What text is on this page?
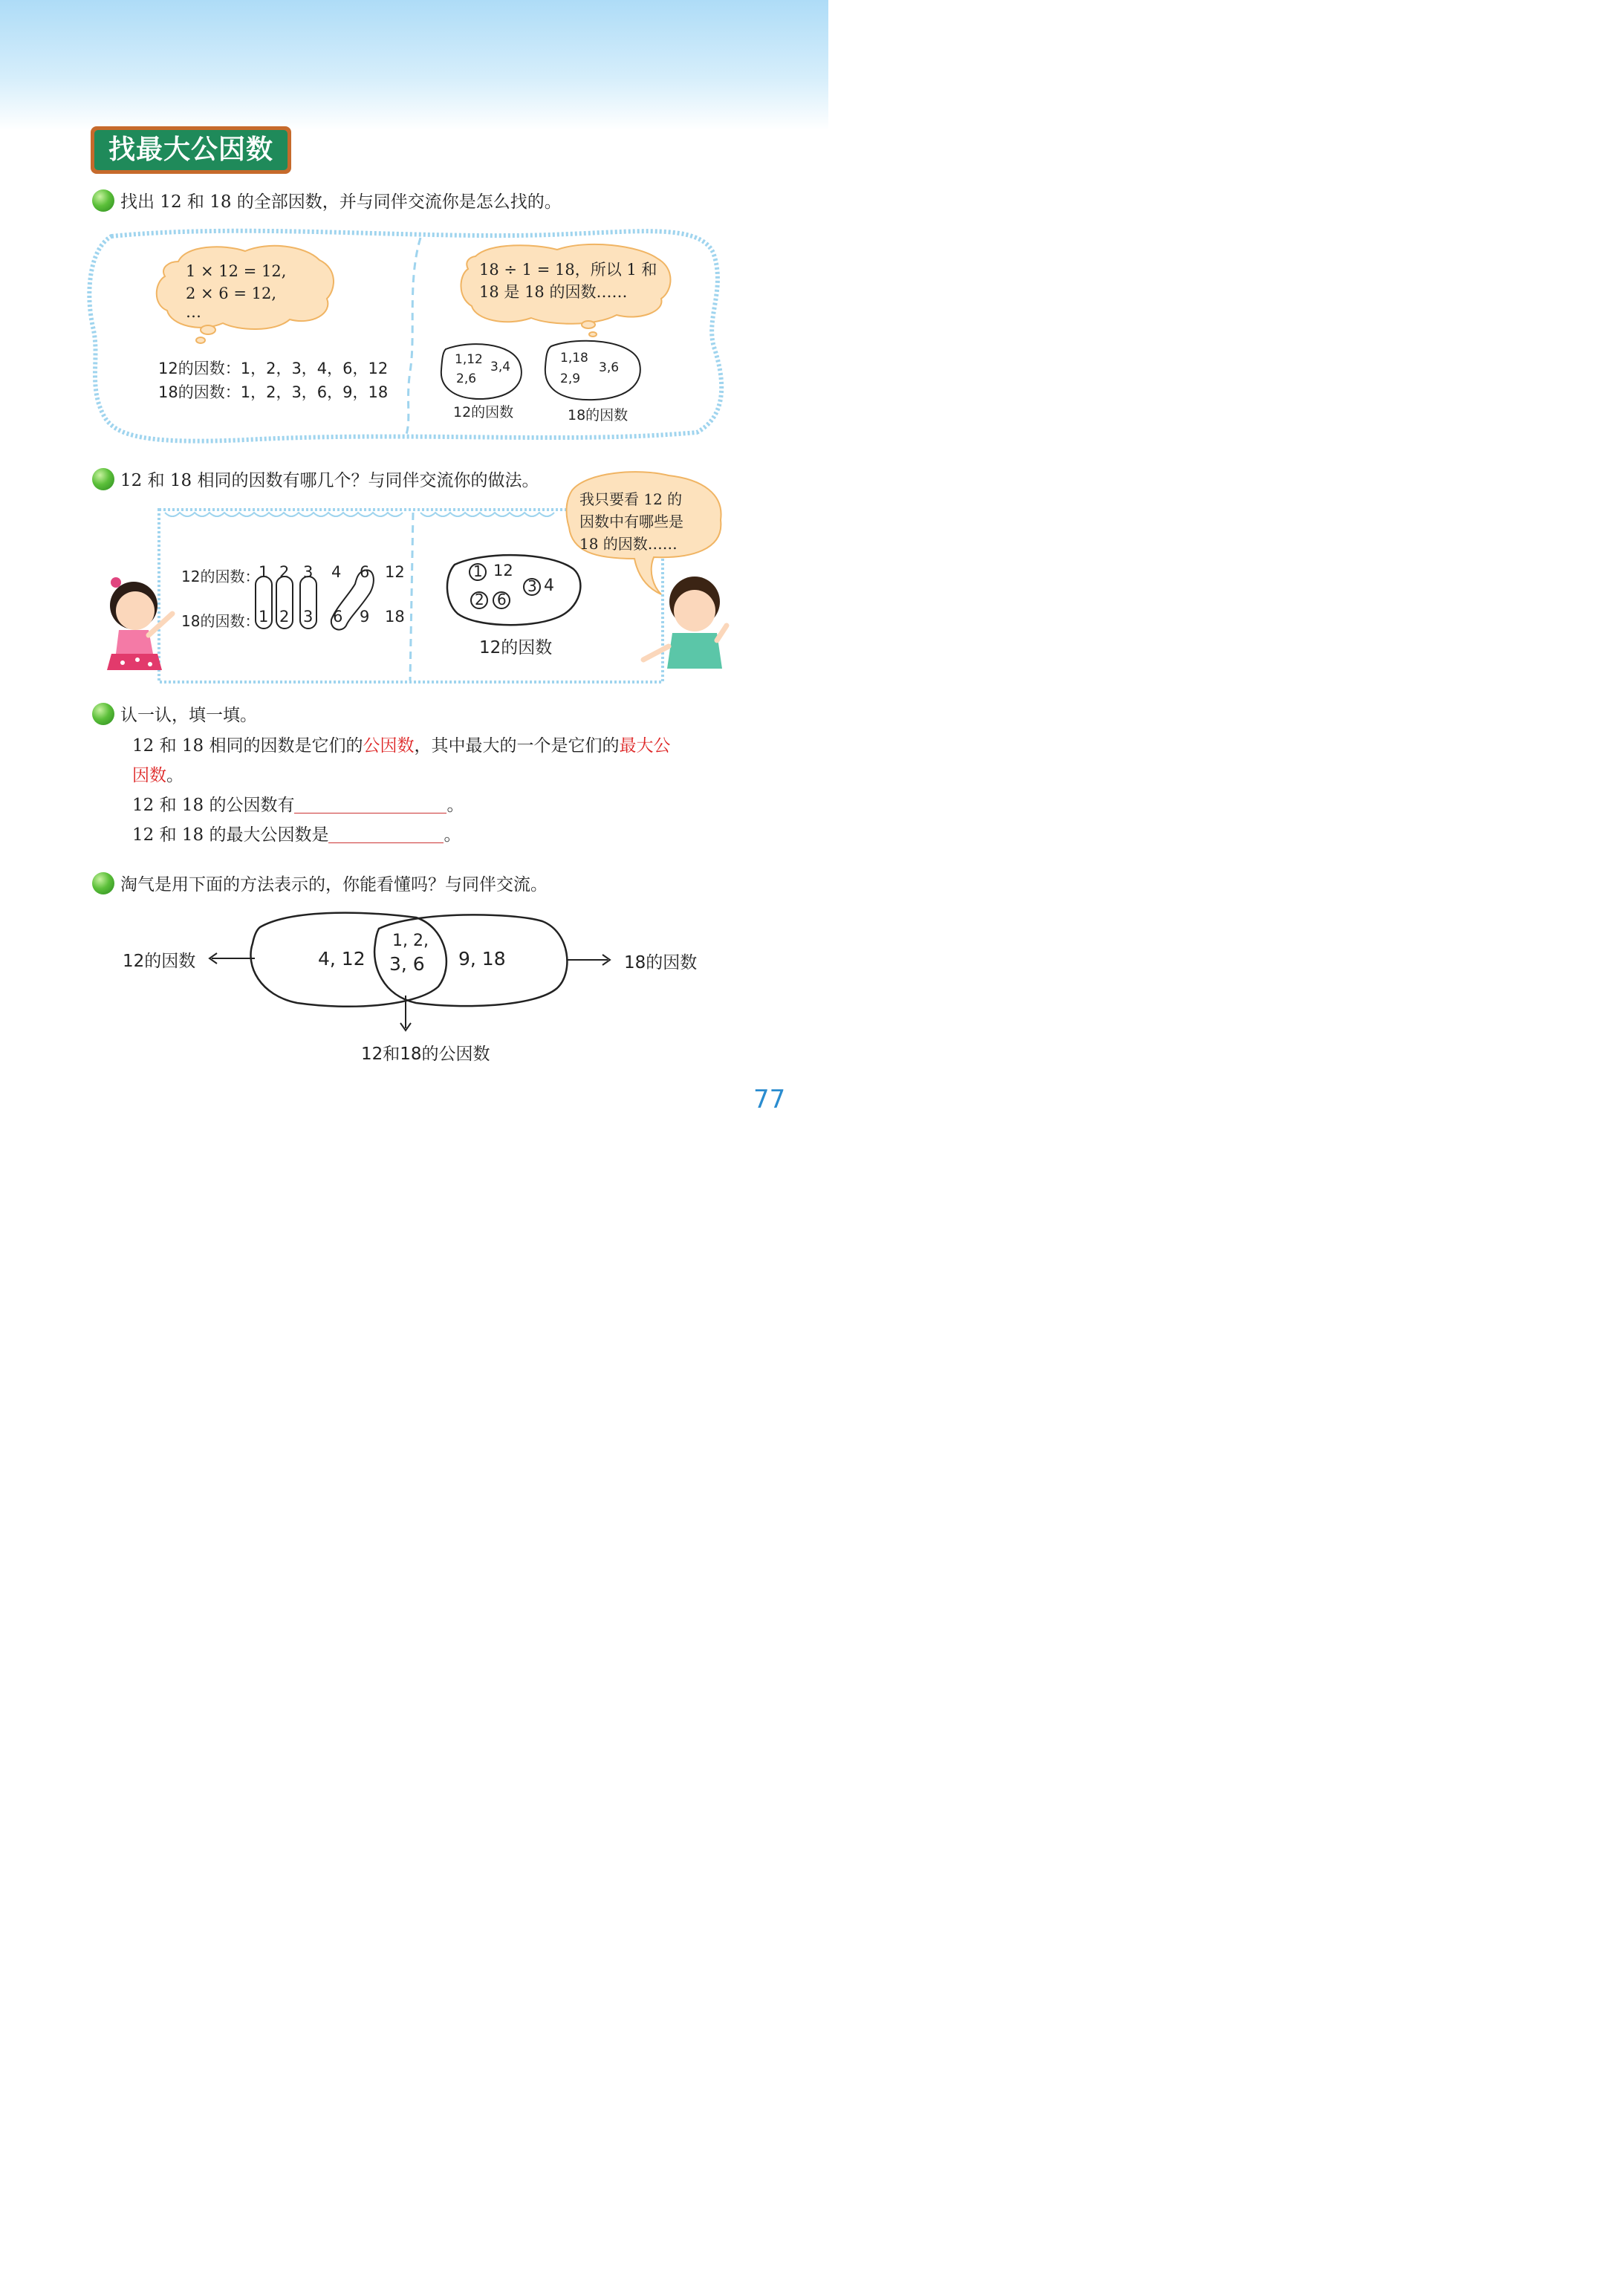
找最大公因数
找出 12 和 18 的全部因数，并与同伴交流你是怎么找的。
1 × 12 = 12,
2 × 6 = 12,
…
12的因数：1，2，3，4，6，12
18的因数：1，2，3，6，9，18
18 ÷ 1 = 18，所以 1 和
18 是 18 的因数……
1,12 3,4
2,6
12的因数
1,18
3,6
2,9
18的因数
12 和 18 相同的因数有哪几个？与同伴交流你的做法。
12的因数：
1 2 3 4 6 12
18的因数：
1 2 3 6 9 18
1 12
3 4
2 6
12的因数
我只要看 12 的
因数中有哪些是
18 的因数……
认一认，填一填。
12 和 18 相同的因数是它们的公因数，其中最大的一个是它们的最大公
因数。
12 和 18 的公因数有	。
12 和 18 的最大公因数是	。
淘气是用下面的方法表示的，你能看懂吗？与同伴交流。
12的因数	18的因数
4, 12
1, 2,
3, 6 9, 18
12和18的公因数
77
